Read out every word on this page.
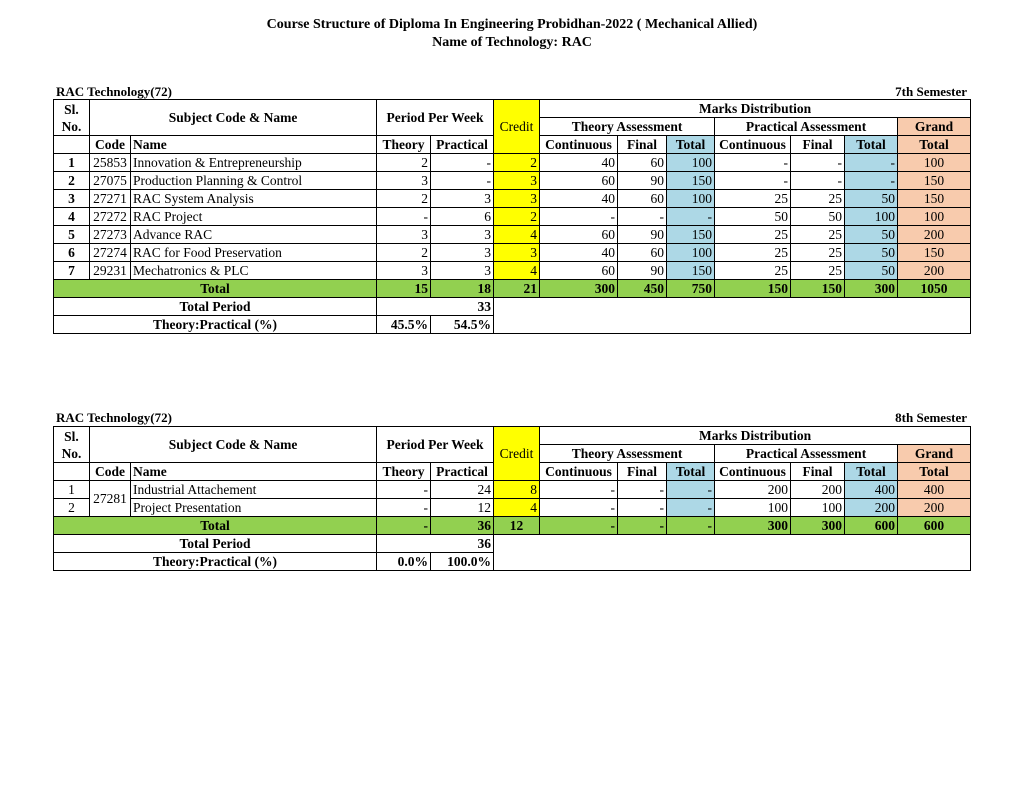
Course Structure of Diploma In Engineering Probidhan-2022 ( Mechanical Allied)
Name of Technology: RAC
RAC Technology(72)	7th Semester
Sl.
No.	Subject Code & Name		Period Per Week		Credit	Marks Distribution						
						Theory Assessment			Practical Assessment			Grand
	Code	Name	Theory	Practical		Continuous	Final	Total	Continuous	Final	Total	Total
1	25853	Innovation & Entrepreneurship	2	-	2	40	60	100	-	-	-	100
2	27075	Production Planning & Control	3	-	3	60	90	150	-	-	-	150
3	27271	RAC System Analysis	2	3	3	40	60	100	25	25	50	150
4	27272	RAC Project	-	6	2	-	-	-	50	50	100	100
5	27273	Advance RAC	3	3	4	60	90	150	25	25	50	200
6	27274	RAC for Food Preservation	2	3	3	40	60	100	25	25	50	150
7	29231	Mechatronics & PLC	3	3	4	60	90	150	25	25	50	200
Total			15	18	21	300	450	750	150	150	300	1050
Total Period			33									
Theory:Practical (%)			45.5%	54.5%								
RAC Technology(72)	8th Semester
Sl.
No.	Subject Code & Name		Period Per Week		Credit	Marks Distribution						
						Theory Assessment			Practical Assessment			Grand
	Code	Name	Theory	Practical		Continuous	Final	Total	Continuous	Final	Total	Total
1	27281	Industrial Attachement	-	24	8	-	-	-	200	200	400	400
2		Project Presentation	-	12	4	-	-	-	100	100	200	200
Total			-	36	12	-	-	-	300	300	600	600
Total Period			36									
Theory:Practical (%)			0.0%	100.0%								
